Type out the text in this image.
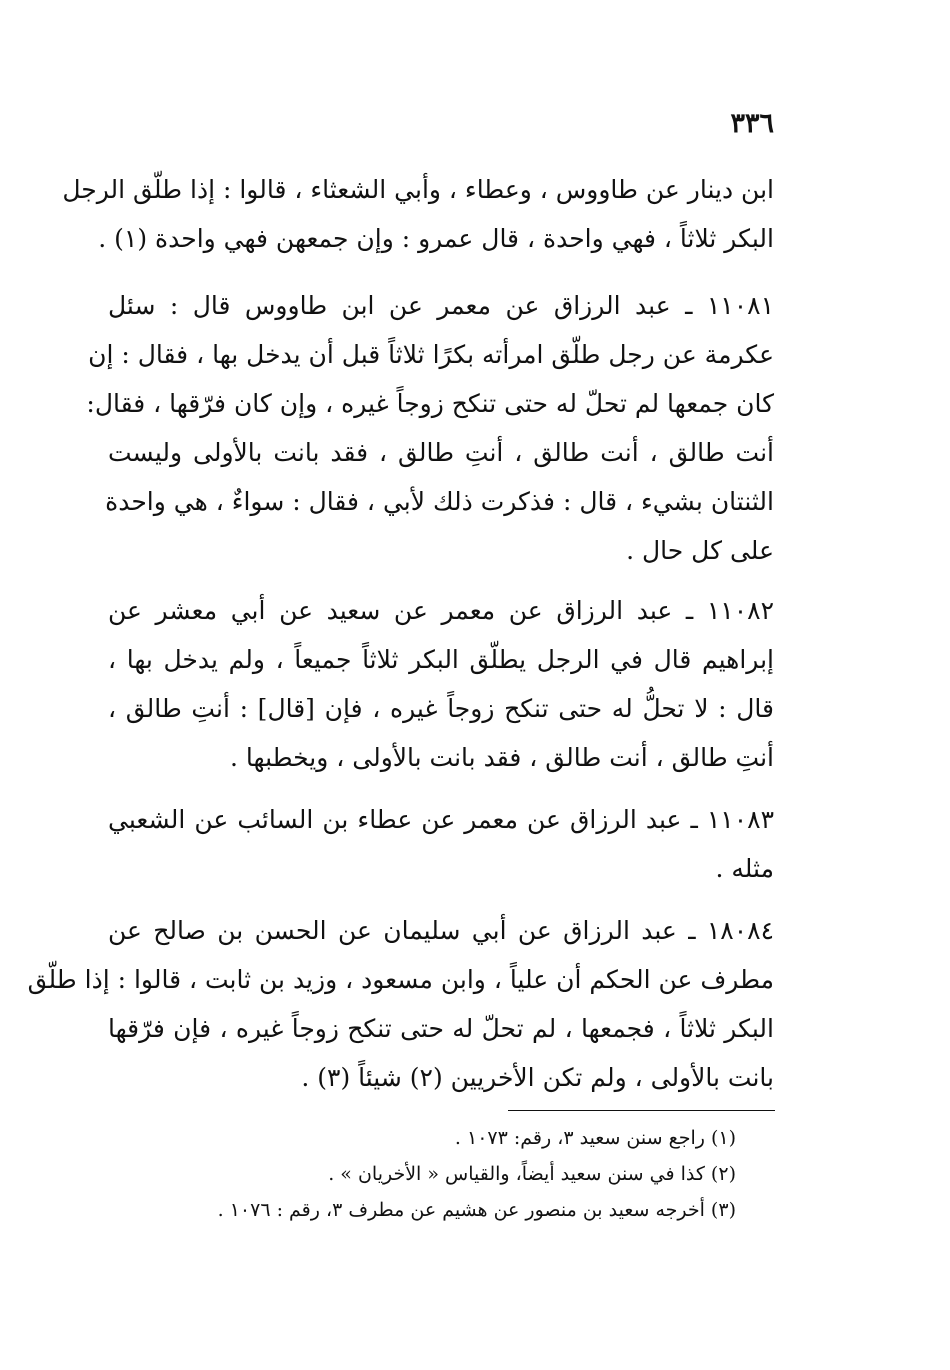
٣٣٦
ابن دينار عن طاووس ، وعطاء ، وأبي الشعثاء ، قالوا : إذا طلّق الرجل
البكر ثلاثاً ، فهي واحدة ، قال عمرو : وإن جمعهن فهي واحدة (١) .
١١٠٨١ ـ عبد الرزاق عن معمر عن ابن طاووس قال : سئل
عكرمة عن رجل طلّق امرأته بكرًا ثلاثاً قبل أن يدخل بها ، فقال : إن
كان جمعها لم تحلّ له حتى تنكح زوجاً غيره ، وإن كان فرّقها ، فقال:
أنت طالق ، أنت طالق ، أنتِ طالق ، فقد بانت بالأولى وليست
الثنتان بشيء ، قال : فذكرت ذلك لأبي ، فقال : سواءٌ ، هي واحدة
على كل حال .
١١٠٨٢ ـ عبد الرزاق عن معمر عن سعيد عن أبي معشر عن
إبراهيم قال في الرجل يطلّق البكر ثلاثاً جميعاً ، ولم يدخل بها ،
قال : لا تحلُّ له حتى تنكح زوجاً غيره ، فإن [قال] : أنتِ طالق ،
أنتِ طالق ، أنت طالق ، فقد بانت بالأولى ، ويخطبها .
١١٠٨٣ ـ عبد الرزاق عن معمر عن عطاء بن السائب عن الشعبي
مثله .
١٨٠٨٤ ـ عبد الرزاق عن أبي سليمان عن الحسن بن صالح عن
مطرف عن الحكم أن علياً ، وابن مسعود ، وزيد بن ثابت ، قالوا : إذا طلّق
البكر ثلاثاً ، فجمعها ، لم تحلّ له حتى تنكح زوجاً غيره ، فإن فرّقها
بانت بالأولى ، ولم تكن الأخريين (٢) شيئاً (٣) .
(١) راجع سنن سعيد ٣، رقم: ١٠٧٣ .
(٢) كذا في سنن سعيد أيضاً، والقياس « الأخريان » .
(٣) أخرجه سعيد بن منصور عن هشيم عن مطرف ٣، رقم : ١٠٧٦ .
